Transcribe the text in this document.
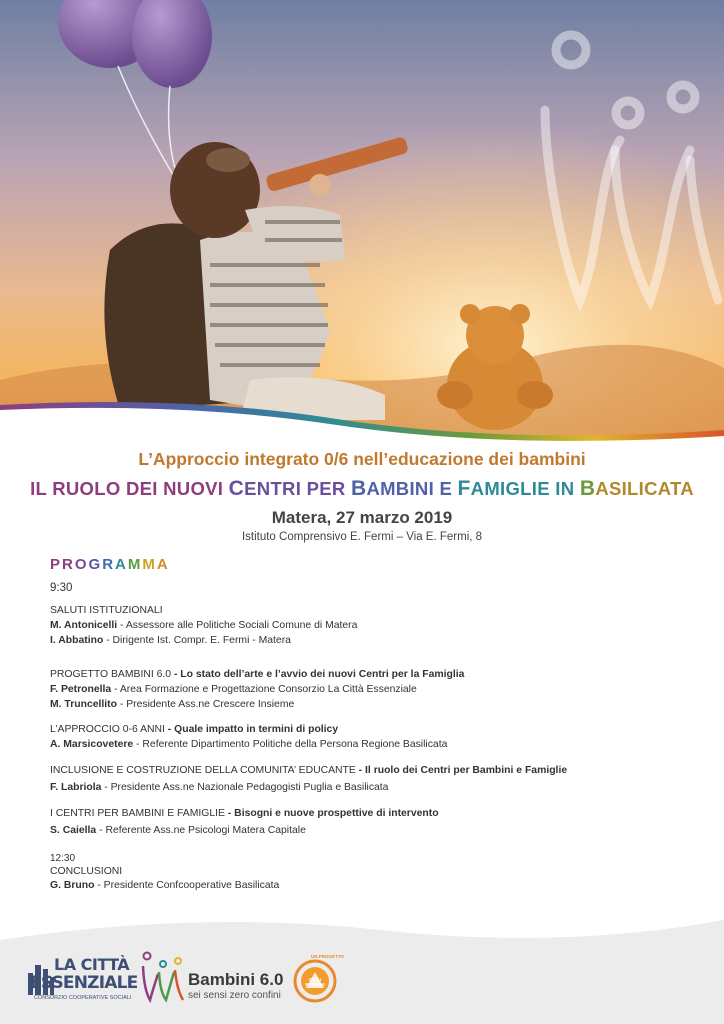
L’Approccio integrato 0/6 nell’educazione dei bambini
IL RUOLO DEI NUOVI CENTRI PER BAMBINI E FAMIGLIE IN BASILICATA
Matera, 27 marzo 2019
Istituto Comprensivo E. Fermi – Via E. Fermi, 8
PROGRAMMA
9:30
SALUTI ISTITUZIONALI
M. Antonicelli - Assessore alle Politiche Sociali Comune di Matera
I. Abbatino - Dirigente Ist. Compr. E. Fermi - Matera
PROGETTO BAMBINI 6.0 - Lo stato dell’arte e l’avvio dei nuovi Centri per la Famiglia
F. Petronella - Area Formazione e Progettazione Consorzio La Città Essenziale
M. Truncellito - Presidente Ass.ne Crescere Insieme
L’APPROCCIO 0-6 ANNI - Quale impatto in termini di policy
A. Marsicovetere - Referente Dipartimento Politiche della Persona Regione Basilicata
INCLUSIONE E COSTRUZIONE DELLA COMUNITA’ EDUCANTE - Il ruolo dei Centri per Bambini e Famiglie
F. Labriola - Presidente Ass.ne Nazionale Pedagogisti Puglia e Basilicata
I CENTRI PER BAMBINI E FAMIGLIE - Bisogni e nuove prospettive di intervento
S. Caiella - Referente Ass.ne Psicologi Matera Capitale
12:30
CONCLUSIONI
G. Bruno - Presidente Confcooperative Basilicata
LA CITTÀ
ESSENZIALE
CONSORZIO COOPERATIVE SOCIALI
Bambini 6.0
sei sensi zero confini
UN PROGETTO
CON I BAMBINI
